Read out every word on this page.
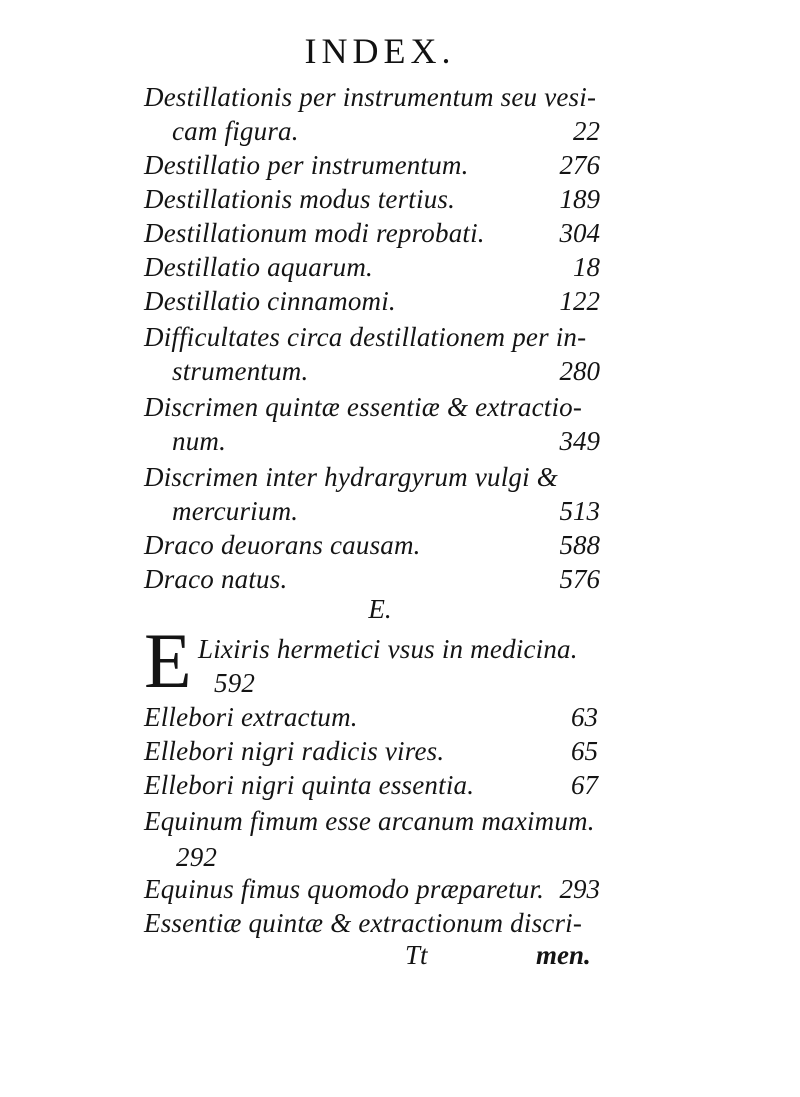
INDEX.
Destillationis per instrumentum seu vesi-
cam figura.	22
Destillatio per instrumentum.	276
Destillationis modus tertius.	189
Destillationum modi reprobati.	304
Destillatio aquarum.	18
Destillatio cinnamomi.	122
Difficultates circa destillationem per in-
strumentum.	280
Discrimen quintæ essentiæ & extractio-
num.	349
Discrimen inter hydrargyrum vulgi &
mercurium.	513
Draco deuorans causam.	588
Draco natus.	576
E.
E Lixiris hermetici vsus in medicina.
592
Ellebori extractum.	63
Ellebori nigri radicis vires.	65
Ellebori nigri quinta essentia.	67
Equinum fimum esse arcanum maximum.
292
Equinus fimus quomodo præparetur. 293
Essentiæ quintæ & extractionum discri-
Tt	men.
